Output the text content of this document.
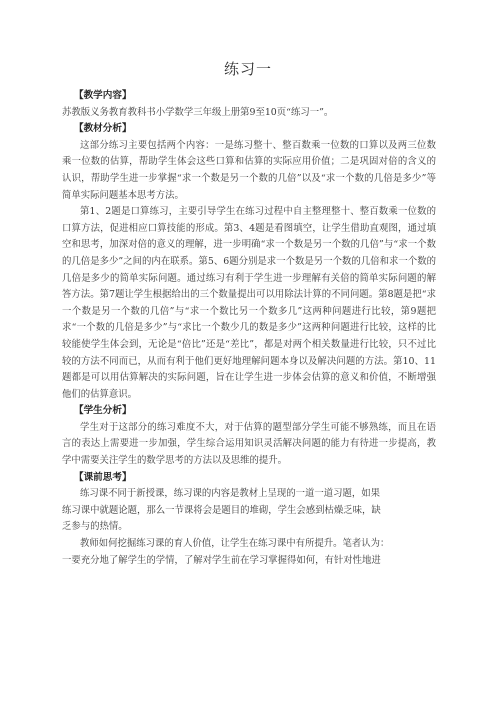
练习一

【教学内容】

苏教版义务教育教科书小学数学三年级上册第9至10页“练习一”。

【教材分析】

这部分练习主要包括两个内容：一是练习整十、整百数乘一位数的口算以及两三位数乘一位数的估算，帮助学生体会这些口算和估算的实际应用价值；二是巩固对倍的含义的认识，帮助学生进一步掌握“求一个数是另一个数的几倍”以及“求一个数的几倍是多少”等简单实际问题基本思考方法。

第1、2题是口算练习，主要引导学生在练习过程中自主整理整十、整百数乘一位数的口算方法，促进相应口算技能的形成。第3、4题是看图填空，让学生借助直观图，通过填空和思考，加深对倍的意义的理解，进一步明确“求一个数是另一个数的几倍”与“求一个数的几倍是多少”之间的内在联系。第5、6题分别是求一个数是另一个数的几倍和求一个数的几倍是多少的简单实际问题。通过练习有利于学生进一步理解有关倍的简单实际问题的解答方法。第7题让学生根据给出的三个数量提出可以用除法计算的不同问题。第8题是把“求一个数是另一个数的几倍”与“求一个数比另一个数多几”这两种问题进行比较，第9题把求“一个数的几倍是多少”与“求比一个数少几的数是多少”这两种问题进行比较，这样的比较能使学生体会到，无论是“倍比”还是“差比”，都是对两个相关数量进行比较，只不过比较的方法不同而已，从而有利于他们更好地理解问题本身以及解决问题的方法。第10、11题都是可以用估算解决的实际问题，旨在让学生进一步体会估算的意义和价值，不断增强他们的估算意识。

【学生分析】

学生对于这部分的练习难度不大，对于估算的题型部分学生可能不够熟练，而且在语言的表达上需要进一步加强，学生综合运用知识灵活解决问题的能力有待进一步提高，教学中需要关注学生的数学思考的方法以及思维的提升。

【课前思考】

练习课不同于新授课，练习课的内容是教材上呈现的一道一道习题，如果

练习课中就题论题，那么一节课将会是题目的堆砌，学生会感到枯燥乏味，缺

乏参与的热情。

教师如何挖掘练习课的育人价值，让学生在练习课中有所提升。笔者认为：

一要充分地了解学生的学情，了解对学生前在学习掌握得如何，有针对性地进
